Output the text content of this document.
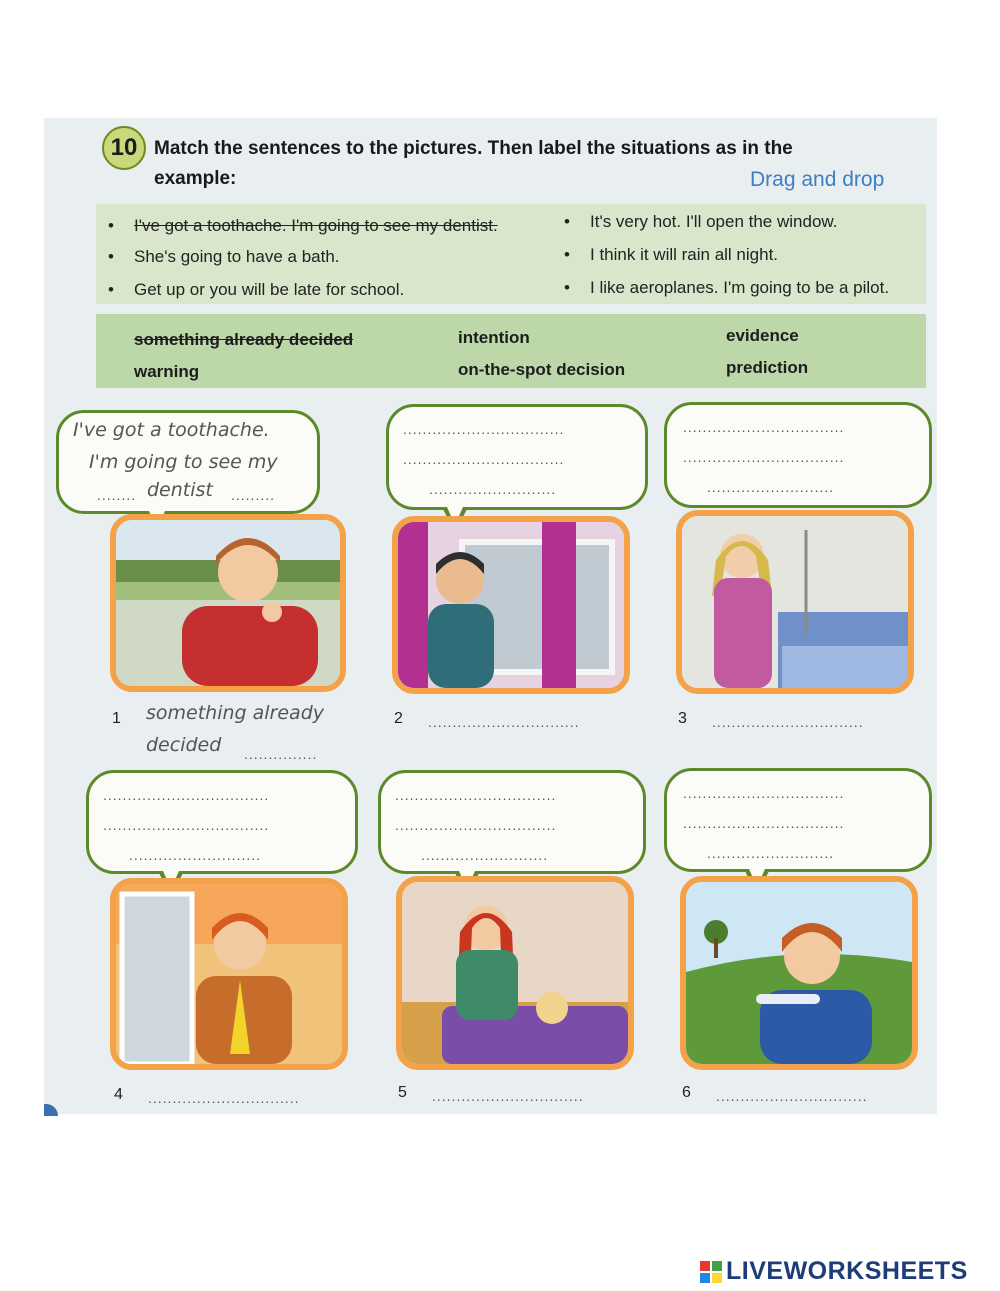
10 Match the sentences to the pictures. Then label the situations as in the
example:	Drag and drop
• I've got a toothache. I'm going to see my dentist.
• She's going to have a bath.
• Get up or you will be late for school.
• It's very hot. I'll open the window.
• I think it will rain all night.
• I like aeroplanes. I'm going to be a pilot.
something already decided	intention	evidence
warning	on-the-spot decision	prediction
I've got a toothache.
I'm going to see my
........ dentist .........
.................................
.................................
..........................
.................................
.................................
..........................
1 something already
decided ...............
2 ...............................	3 ...............................
..................................
..................................
...........................
.................................
.................................
..........................
.................................
.................................
..........................
4 ...............................	5 ...............................	6 ...............................
LIVEWORKSHEETS
